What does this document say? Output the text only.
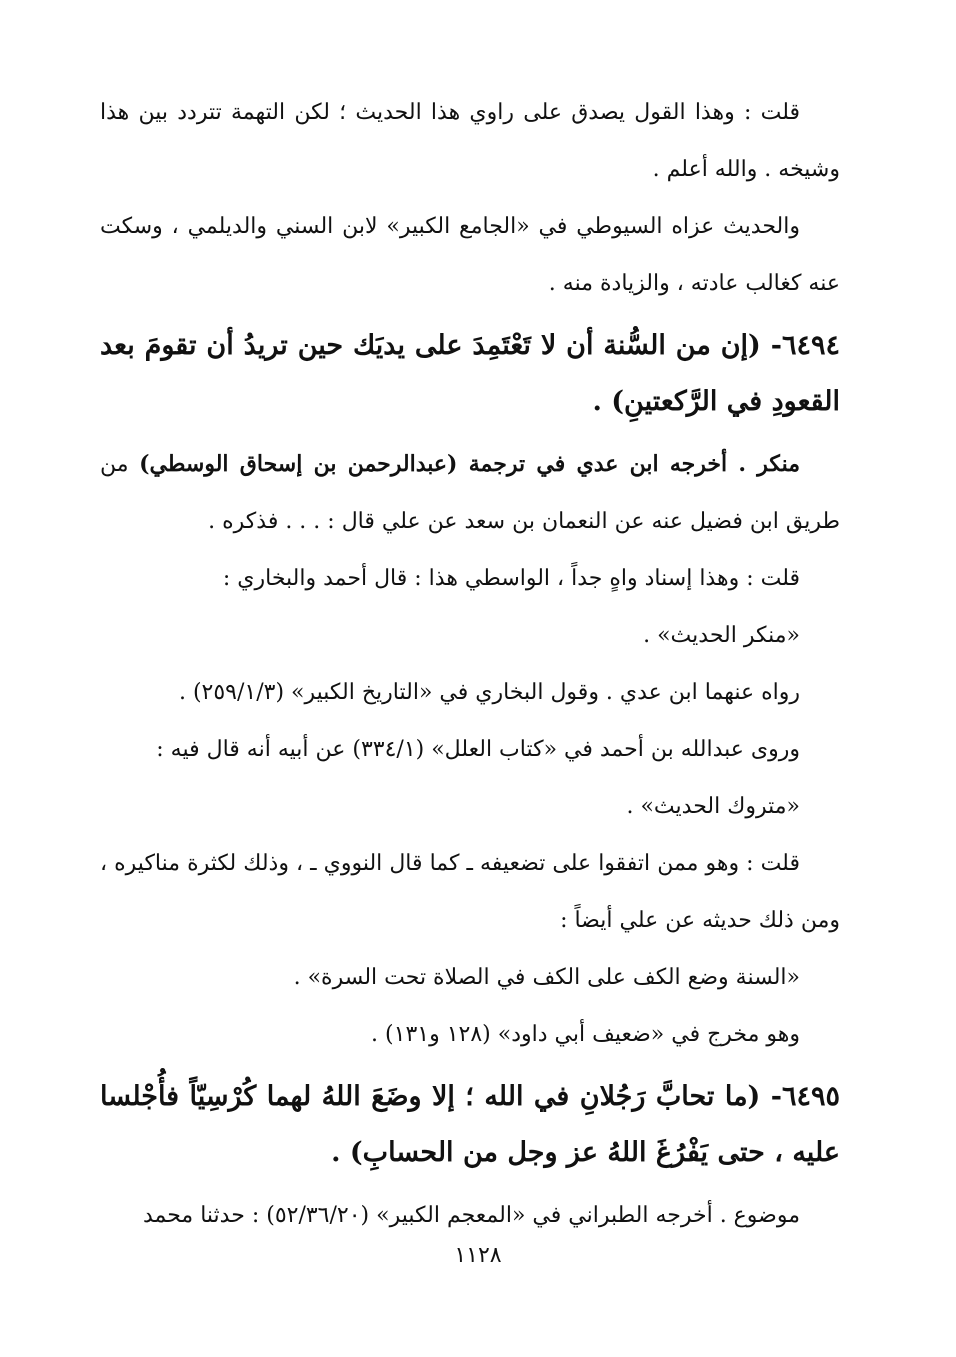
قلت : وهذا القول يصدق على راوي هذا الحديث ؛ لكن التهمة تتردد بين هذا وشيخه . والله أعلم .

والحديث عزاه السيوطي في «الجامع الكبير» لابن السني والديلمي ، وسكت عنه كغالب عادته ، والزيادة منه .

٦٤٩٤- (إن من السُّنة أن لا تَعْتَمِدَ على يديَك حين تريدُ أن تقومَ بعد القعودِ في الرَّكعتينِ) .

منكر . أخرجه ابن عدي في ترجمة (عبدالرحمن بن إسحاق الوسطي) من طريق ابن فضيل عنه عن النعمان بن سعد عن علي قال : . . . فذكره .

قلت : وهذا إسناد واهٍ جداً ، الواسطي هذا : قال أحمد والبخاري :

«منكر الحديث» .

رواه عنهما ابن عدي . وقول البخاري في «التاريخ الكبير» (٢٥٩/١/٣) .

وروى عبدالله بن أحمد في «كتاب العلل» (٣٣٤/١) عن أبيه أنه قال فيه :

«متروك الحديث» .

قلت : وهو ممن اتفقوا على تضعيفه ـ كما قال النووي ـ ، وذلك لكثرة مناكيره ، ومن ذلك حديثه عن علي أيضاً :

«السنة وضع الكف على الكف في الصلاة تحت السرة» .

وهو مخرج في «ضعيف أبي داود» (١٢٨ و١٣١) .

٦٤٩٥- (ما تحابَّ رَجُلانِ في الله ؛ إلا وضَعَ اللهُ لهما كُرْسِيّاً فأُجْلسا عليه ، حتى يَفْرُغَ اللهُ عز وجل من الحسابِ) .

موضوع . أخرجه الطبراني في «المعجم الكبير» (٥٢/٣٦/٢٠) : حدثنا محمد

١١٢٨
